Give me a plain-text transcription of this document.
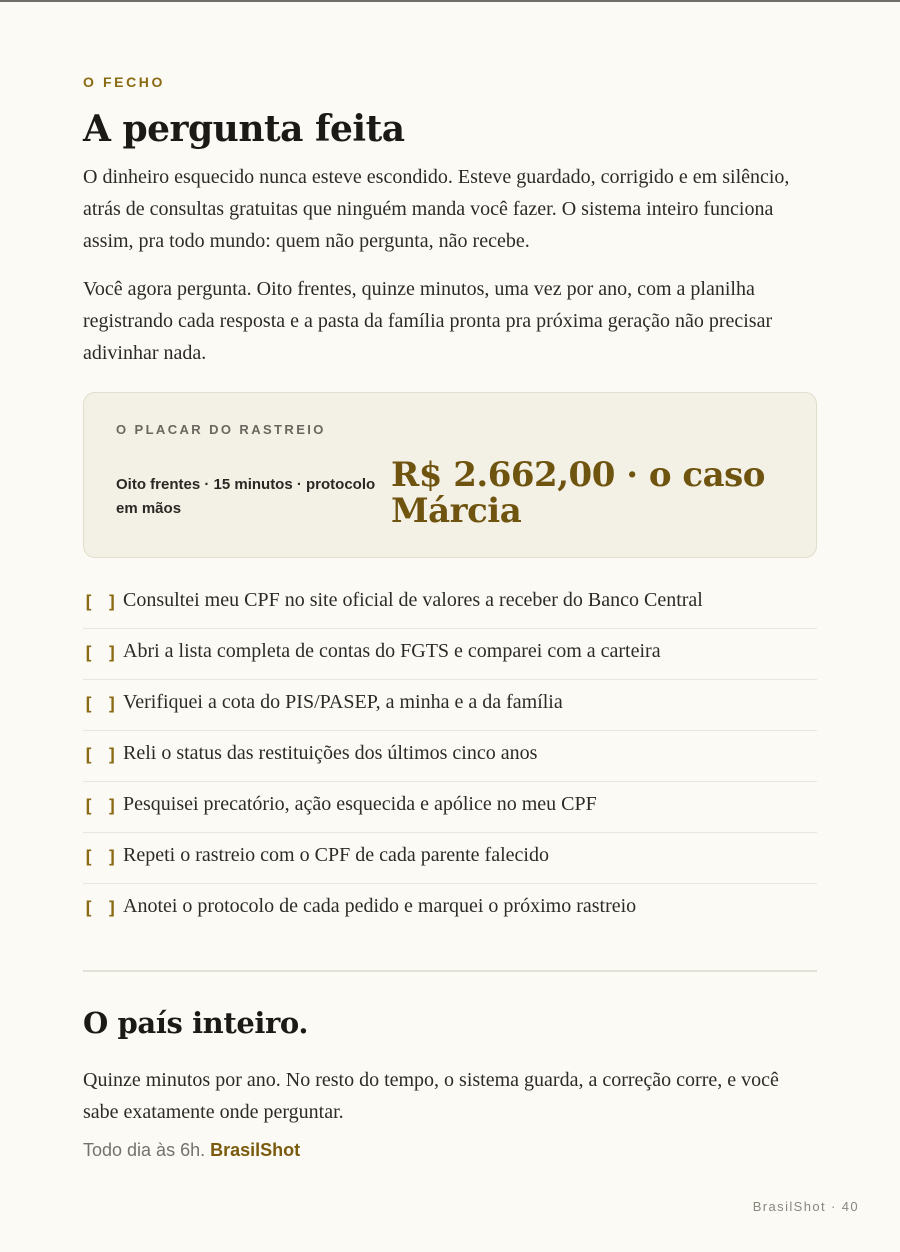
O FECHO
A pergunta feita

O dinheiro esquecido nunca esteve escondido. Esteve guardado, corrigido e em silêncio, atrás de consultas gratuitas que ninguém manda você fazer. O sistema inteiro funciona assim, pra todo mundo: quem não pergunta, não recebe.

Você agora pergunta. Oito frentes, quinze minutos, uma vez por ano, com a planilha registrando cada resposta e a pasta da família pronta pra próxima geração não precisar adivinhar nada.

O PLACAR DO RASTREIO
Oito frentes · 15 minutos · protocolo em mãos
R$ 2.662,00 · o caso Márcia
[ ] Consultei meu CPF no site oficial de valores a receber do Banco Central
[ ] Abri a lista completa de contas do FGTS e comparei com a carteira
[ ] Verifiquei a cota do PIS/PASEP, a minha e a da família
[ ] Reli o status das restituições dos últimos cinco anos
[ ] Pesquisei precatório, ação esquecida e apólice no meu CPF
[ ] Repeti o rastreio com o CPF de cada parente falecido
[ ] Anotei o protocolo de cada pedido e marquei o próximo rastreio
O país inteiro.

Quinze minutos por ano. No resto do tempo, o sistema guarda, a correção corre, e você sabe exatamente onde perguntar.

Todo dia às 6h. BrasilShot
BrasilShot · 40
